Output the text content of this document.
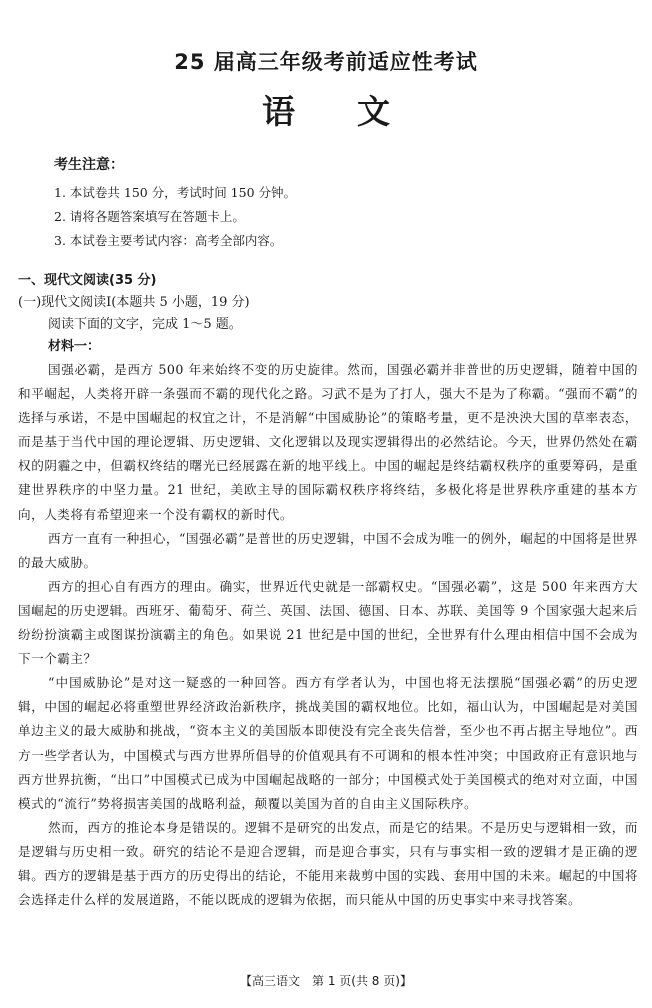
25 届高三年级考前适应性考试
语文
考生注意：
1. 本试卷共 150 分，考试时间 150 分钟。
2. 请将各题答案填写在答题卡上。
3. 本试卷主要考试内容：高考全部内容。
一、现代文阅读(35 分)
(一)现代文阅读Ⅰ(本题共 5 小题，19 分)
阅读下面的文字，完成 1～5 题。
材料一：

国强必霸，是西方 500 年来始终不变的历史旋律。然而，国强必霸并非普世的历史逻辑，随着中国的和平崛起，人类将开辟一条强而不霸的现代化之路。习武不是为了打人，强大不是为了称霸。“强而不霸”的选择与承诺，不是中国崛起的权宜之计，不是消解“中国威胁论”的策略考量，更不是泱泱大国的草率表态，而是基于当代中国的理论逻辑、历史逻辑、文化逻辑以及现实逻辑得出的必然结论。今天，世界仍然处在霸权的阴霾之中，但霸权终结的曙光已经展露在新的地平线上。中国的崛起是终结霸权秩序的重要筹码，是重建世界秩序的中坚力量。21 世纪，美欧主导的国际霸权秩序将终结，多极化将是世界秩序重建的基本方向，人类将有希望迎来一个没有霸权的新时代。

西方一直有一种担心，“国强必霸”是普世的历史逻辑，中国不会成为唯一的例外，崛起的中国将是世界的最大威胁。

西方的担心自有西方的理由。确实，世界近代史就是一部霸权史。“国强必霸”，这是 500 年来西方大国崛起的历史逻辑。西班牙、葡萄牙、荷兰、英国、法国、德国、日本、苏联、美国等 9 个国家强大起来后纷纷扮演霸主或图谋扮演霸主的角色。如果说 21 世纪是中国的世纪，全世界有什么理由相信中国不会成为下一个霸主？

“中国威胁论”是对这一疑惑的一种回答。西方有学者认为，中国也将无法摆脱“国强必霸”的历史逻辑，中国的崛起必将重塑世界经济政治新秩序，挑战美国的霸权地位。比如，福山认为，中国崛起是对美国单边主义的最大威胁和挑战，“资本主义的美国版本即使没有完全丧失信誉，至少也不再占据主导地位”。西方一些学者认为，中国模式与西方世界所倡导的价值观具有不可调和的根本性冲突；中国政府正有意识地与西方世界抗衡，“出口”中国模式已成为中国崛起战略的一部分；中国模式处于美国模式的绝对对立面，中国模式的“流行”势将损害美国的战略利益，颠覆以美国为首的自由主义国际秩序。

然而，西方的推论本身是错误的。逻辑不是研究的出发点，而是它的结果。不是历史与逻辑相一致，而是逻辑与历史相一致。研究的结论不是迎合逻辑，而是迎合事实，只有与事实相一致的逻辑才是正确的逻辑。西方的逻辑是基于西方的历史得出的结论，不能用来裁剪中国的实践、套用中国的未来。崛起的中国将会选择走什么样的发展道路，不能以既成的逻辑为依据，而只能从中国的历史事实中来寻找答案。

【高三语文　第 1 页(共 8 页)】
